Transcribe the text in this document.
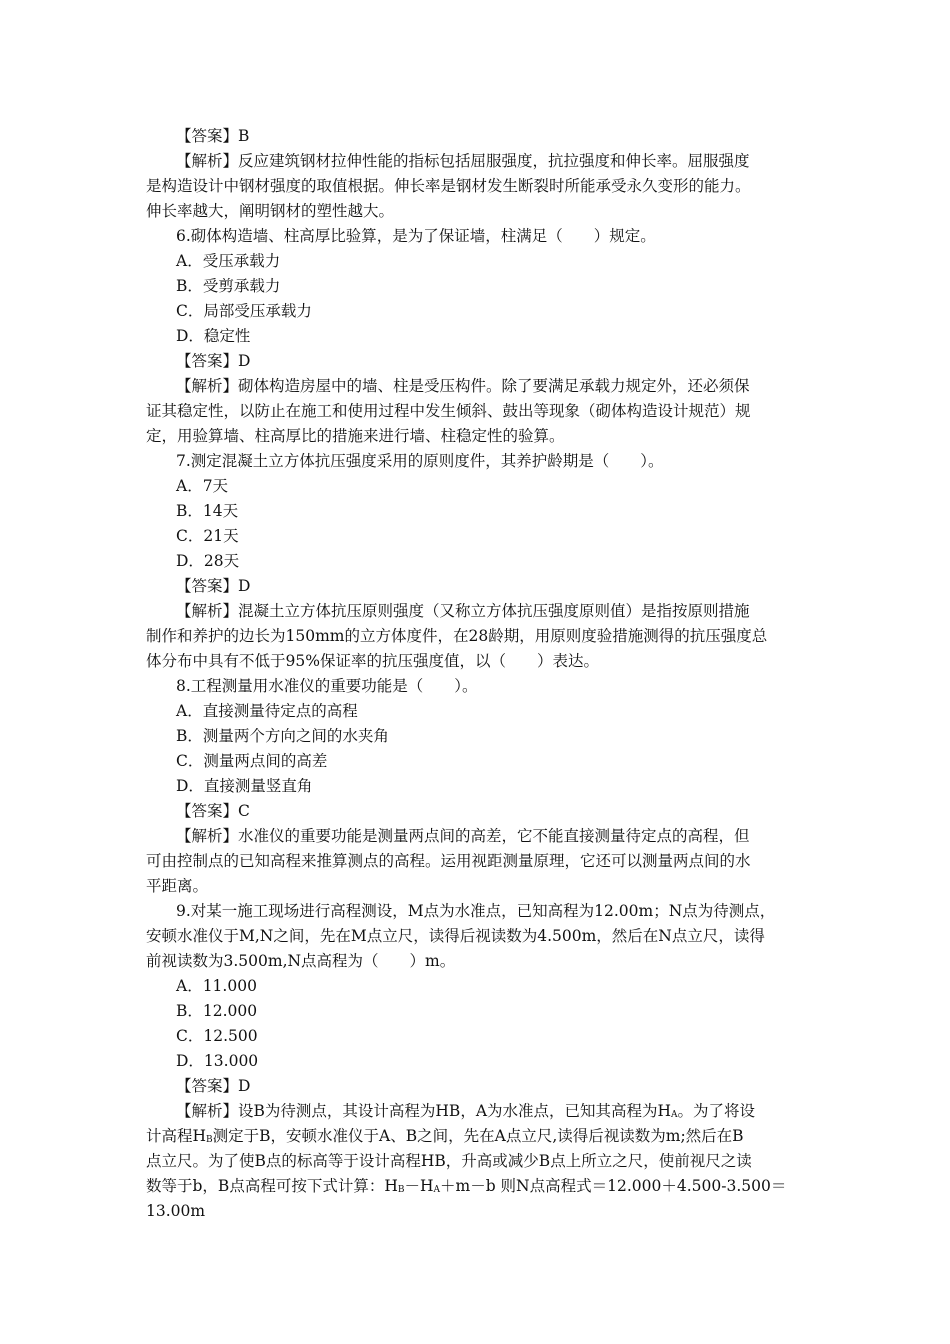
【答案】B
【解析】反应建筑钢材拉伸性能的指标包括屈服强度，抗拉强度和伸长率。屈服强度
是构造设计中钢材强度的取值根据。伸长率是钢材发生断裂时所能承受永久变形的能力。
伸长率越大，阐明钢材的塑性越大。
6.砌体构造墙、柱高厚比验算，是为了保证墙，柱满足（　　）规定。
A．受压承载力
B．受剪承载力
C．局部受压承载力
D．稳定性
【答案】D
【解析】砌体构造房屋中的墙、柱是受压构件。除了要满足承载力规定外，还必须保
证其稳定性，以防止在施工和使用过程中发生倾斜、鼓出等现象（砌体构造设计规范）规
定，用验算墙、柱高厚比的措施来进行墙、柱稳定性的验算。
7.测定混凝土立方体抗压强度采用的原则度件，其养护龄期是（　　）。
A．7天
B．14天
C．21天
D．28天
【答案】D
【解析】混凝土立方体抗压原则强度（又称立方体抗压强度原则值）是指按原则措施
制作和养护的边长为150mm的立方体度件，在28龄期，用原则度验措施测得的抗压强度总
体分布中具有不低于95%保证率的抗压强度值，以（　　）表达。
8.工程测量用水准仪的重要功能是（　　）。
A．直接测量待定点的高程
B．测量两个方向之间的水夹角
C．测量两点间的高差
D．直接测量竖直角
【答案】C
【解析】水准仪的重要功能是测量两点间的高差，它不能直接测量待定点的高程，但
可由控制点的已知高程来推算测点的高程。运用视距测量原理，它还可以测量两点间的水
平距离。
9.对某一施工现场进行高程测设，M点为水准点，已知高程为12.00m；N点为待测点，
安顿水准仪于M,N之间，先在M点立尺，读得后视读数为4.500m，然后在N点立尺，读得
前视读数为3.500m,N点高程为（　　）m。
A．11.000
B．12.000
C．12.500
D．13.000
【答案】D
【解析】设B为待测点，其设计高程为HB，A为水准点，已知其高程为$H_A$。为了将设
计高程$H_B$测定于B，安顿水准仪于A、B之间，先在A点立尺,读得后视读数为m;然后在B
点立尺。为了使B点的标高等于设计高程HB，升高或减少B点上所立之尺，使前视尺之读
数等于b，B点高程可按下式计算：$H_B-H_A+m-b$ 则N点高程式＝12.000＋4.500-3.500＝
13.00m
